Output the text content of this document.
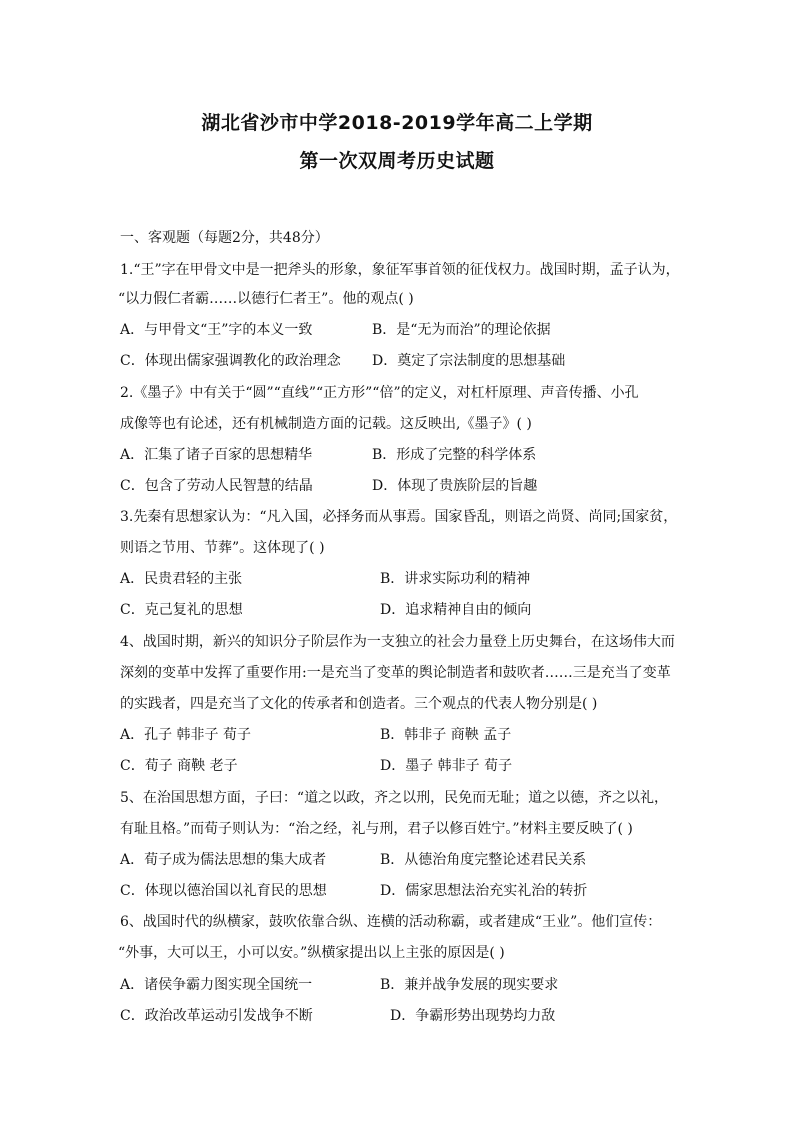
湖北省沙市中学2018-2019学年高二上学期
第一次双周考历史试题
一、客观题（每题2分，共48分）
1.“王”字在甲骨文中是一把斧头的形象，象征军事首领的征伐权力。战国时期，孟子认为，
“以力假仁者霸……以德行仁者王”。他的观点( )
A．与甲骨文“王”字的本义一致	B．是“无为而治”的理论依据
C．体现出儒家强调教化的政治理念 D．奠定了宗法制度的思想基础
2.《墨子》中有关于“圆”“直线”“正方形”“倍”的定义，对杠杆原理、声音传播、小孔
成像等也有论述，还有机械制造方面的记载。这反映出,《墨子》( )
A．汇集了诸子百家的思想精华	B．形成了完整的科学体系
C．包含了劳动人民智慧的结晶	D．体现了贵族阶层的旨趣
3.先秦有思想家认为：“凡入国，必择务而从事焉。国家昏乱，则语之尚贤、尚同;国家贫，
则语之节用、节葬”。这体现了( )
A．民贵君轻的主张	B．讲求实际功利的精神
C．克己复礼的思想	D．追求精神自由的倾向
4、战国时期，新兴的知识分子阶层作为一支独立的社会力量登上历史舞台，在这场伟大而
深刻的变革中发挥了重要作用:一是充当了变革的舆论制造者和鼓吹者……三是充当了变革
的实践者，四是充当了文化的传承者和创造者。三个观点的代表人物分别是( )
A．孔子 韩非子 荀子	B．韩非子 商鞅 孟子
C．荀子 商鞅 老子	D．墨子 韩非子 荀子
5、在治国思想方面，子曰：“道之以政，齐之以刑，民免而无耻；道之以德，齐之以礼，
有耻且格。”而荀子则认为：“治之经，礼与刑，君子以修百姓宁。”材料主要反映了( )
A．荀子成为儒法思想的集大成者	B．从德治角度完整论述君民关系
C．体现以德治国以礼育民的思想	D．儒家思想法治充实礼治的转折
6、战国时代的纵横家，鼓吹依靠合纵、连横的活动称霸，或者建成“王业”。他们宣传：
“外事，大可以王，小可以安。”纵横家提出以上主张的原因是( )
A．诸侯争霸力图实现全国统一	B．兼并战争发展的现实要求
C．政治改革运动引发战争不断	D．争霸形势出现势均力敌
